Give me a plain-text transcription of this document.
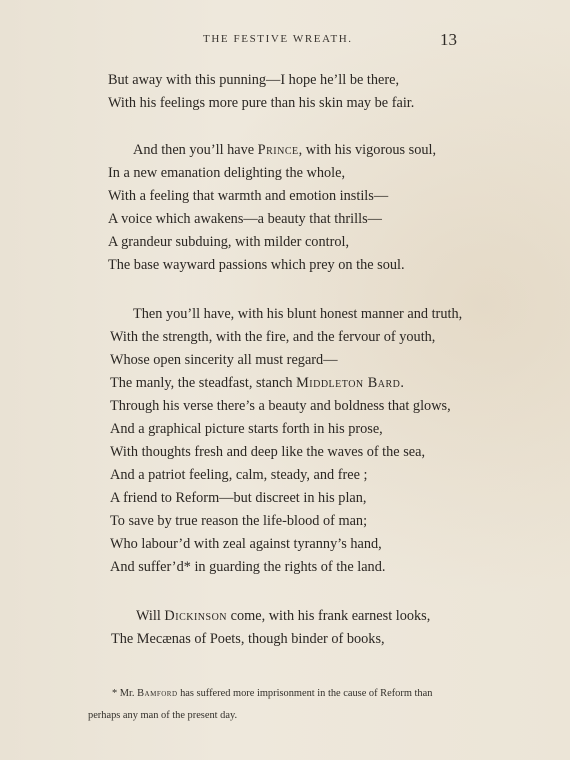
THE FESTIVE WREATH.	13
But away with this punning—I hope he’ll be there,
With his feelings more pure than his skin may be fair.
And then you’ll have Prince, with his vigorous soul,
In a new emanation delighting the whole,
With a feeling that warmth and emotion instils—
A voice which awakens—a beauty that thrills—
A grandeur subduing, with milder control,
The base wayward passions which prey on the soul.
Then you’ll have, with his blunt honest manner and truth,
With the strength, with the fire, and the fervour of youth,
Whose open sincerity all must regard—
The manly, the steadfast, stanch Middleton Bard.
Through his verse there’s a beauty and boldness that glows,
And a graphical picture starts forth in his prose,
With thoughts fresh and deep like the waves of the sea,
And a patriot feeling, calm, steady, and free ;
A friend to Reform—but discreet in his plan,
To save by true reason the life-blood of man;
Who labour’d with zeal against tyranny’s hand,
And suffer’d* in guarding the rights of the land.
Will Dickinson come, with his frank earnest looks,
The Mecænas of Poets, though binder of books,
* Mr. Bamford has suffered more imprisonment in the cause of Reform than
perhaps any man of the present day.
